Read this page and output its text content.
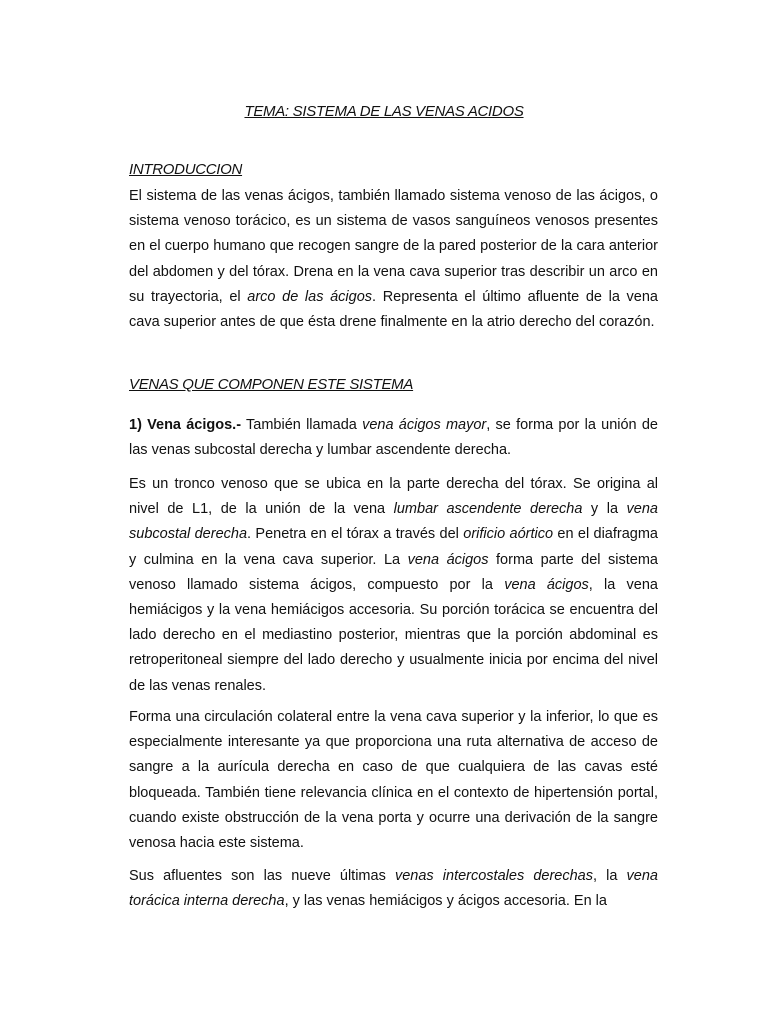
TEMA: SISTEMA DE LAS VENAS ACIDOS
INTRODUCCION

El sistema de las venas ácigos, también llamado sistema venoso de las ácigos, o sistema venoso torácico, es un sistema de vasos sanguíneos venosos presentes en el cuerpo humano que recogen sangre de la pared posterior de la cara anterior del abdomen y del tórax. Drena en la vena cava superior tras describir un arco en su trayectoria, el arco de las ácigos. Representa el último afluente de la vena cava superior antes de que ésta drene finalmente en la atrio derecho del corazón.

VENAS QUE COMPONEN ESTE SISTEMA

1) Vena ácigos.- También llamada vena ácigos mayor, se forma por la unión de las venas subcostal derecha y lumbar ascendente derecha.

Es un tronco venoso que se ubica en la parte derecha del tórax. Se origina al nivel de L1, de la unión de la vena lumbar ascendente derecha y la vena subcostal derecha. Penetra en el tórax a través del orificio aórtico en el diafragma y culmina en la vena cava superior. La vena ácigos forma parte del sistema venoso llamado sistema ácigos, compuesto por la vena ácigos, la vena hemiácigos y la vena hemiácigos accesoria. Su porción torácica se encuentra del lado derecho en el mediastino posterior, mientras que la porción abdominal es retroperitoneal siempre del lado derecho y usualmente inicia por encima del nivel de las venas renales.

Forma una circulación colateral entre la vena cava superior y la inferior, lo que es especialmente interesante ya que proporciona una ruta alternativa de acceso de sangre a la aurícula derecha en caso de que cualquiera de las cavas esté bloqueada. También tiene relevancia clínica en el contexto de hipertensión portal, cuando existe obstrucción de la vena porta y ocurre una derivación de la sangre venosa hacia este sistema.

Sus afluentes son las nueve últimas venas intercostales derechas, la vena torácica interna derecha, y las venas hemiácigos y ácigos accesoria. En la
